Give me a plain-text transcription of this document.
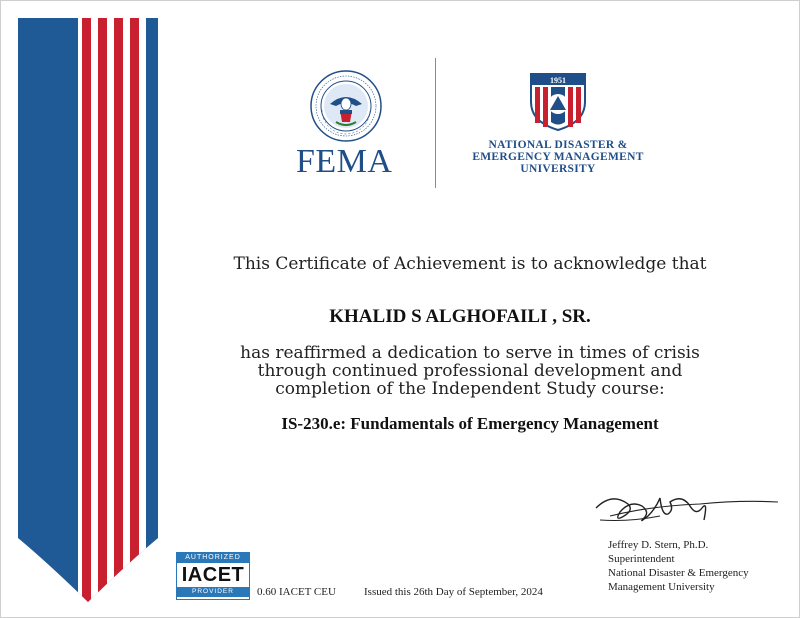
FEMA
1951
NATIONAL DISASTER &
EMERGENCY MANAGEMENT
UNIVERSITY
This Certificate of Achievement is to acknowledge that
KHALID S ALGHOFAILI , SR.
has reaffirmed a dedication to serve in times of crisis
through continued professional development and
completion of the Independent Study course:
IS-230.e: Fundamentals of Emergency Management
Jeffrey D. Stern, Ph.D.
Superintendent
National Disaster & Emergency
Management University
AUTHORIZED
IACET
PROVIDER	0.60 IACET CEU	Issued this 26th Day of September, 2024
